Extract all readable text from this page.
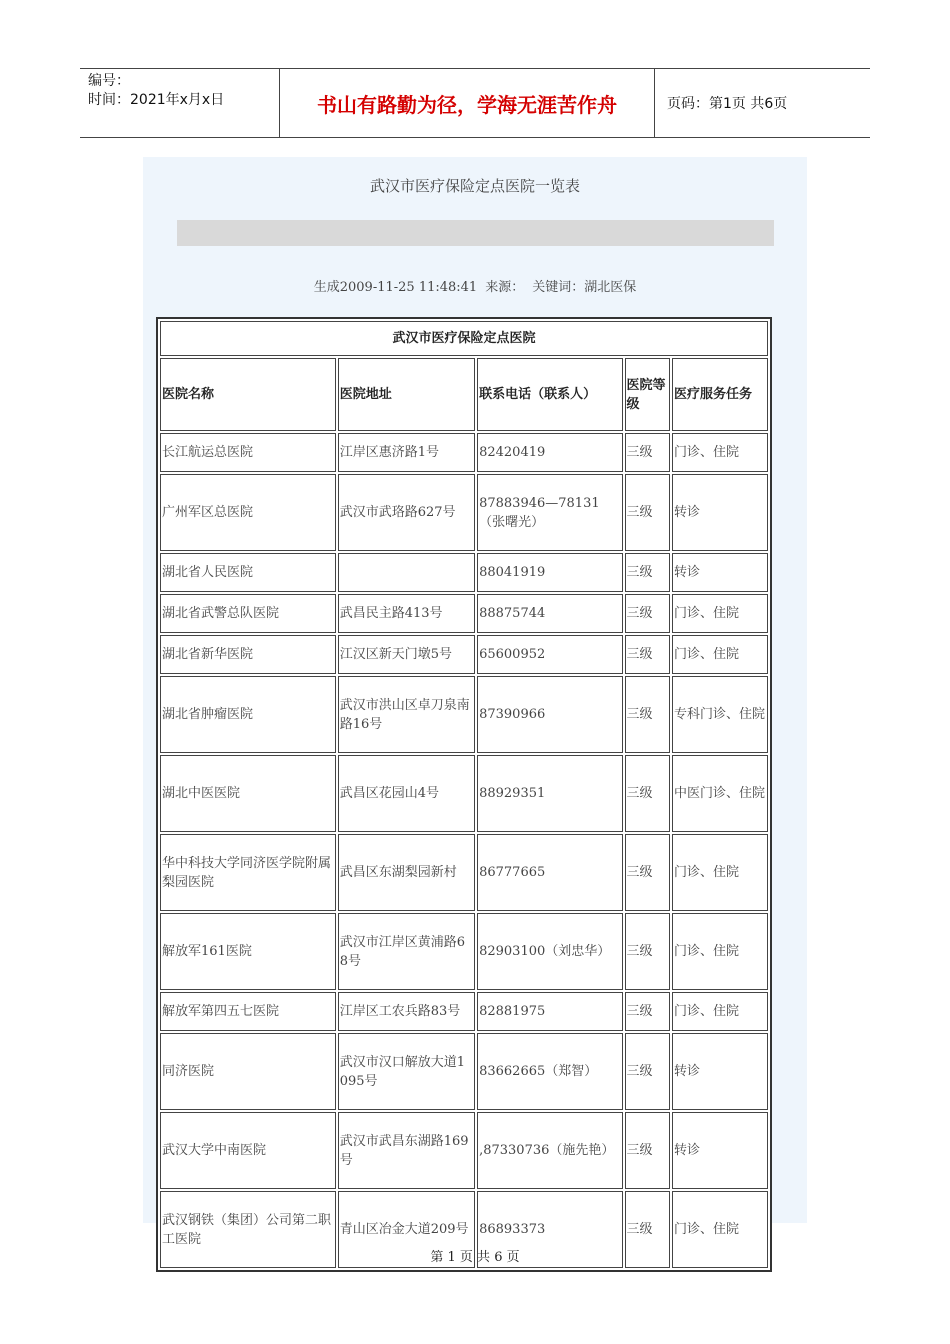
编号：
时间：2021年x月x日	书山有路勤为径，学海无涯苦作舟	页码：第1页 共6页
武汉市医疗保险定点医院一览表
生成2009-11-25 11:48:41 来源： 关键词：湖北医保
武汉市医疗保险定点医院				
医院名称	医院地址	联系电话（联系人）	医院等级	医疗服务任务
长江航运总医院	江岸区惠济路1号	82420419	三级	门诊、住院
广州军区总医院	武汉市武珞路627号	87883946—78131（张曙光）	三级	转诊
湖北省人民医院		88041919	三级	转诊
湖北省武警总队医院	武昌民主路413号	88875744	三级	门诊、住院
湖北省新华医院	江汉区新天门墩5号	65600952	三级	门诊、住院
湖北省肿瘤医院	武汉市洪山区卓刀泉南路16号	87390966	三级	专科门诊、住院
湖北中医医院	武昌区花园山4号	88929351	三级	中医门诊、住院
华中科技大学同济医学院附属梨园医院	武昌区东湖梨园新村	86777665	三级	门诊、住院
解放军161医院	武汉市江岸区黄浦路68号	82903100（刘忠华）	三级	门诊、住院
解放军第四五七医院	江岸区工农兵路83号	82881975	三级	门诊、住院
同济医院	武汉市汉口解放大道1095号	83662665（郑智）	三级	转诊
武汉大学中南医院	武汉市武昌东湖路169号	,87330736（施先艳）	三级	转诊
武汉钢铁（集团）公司第二职工医院	青山区冶金大道209号	86893373	三级	门诊、住院
第 1 页 共 6 页
